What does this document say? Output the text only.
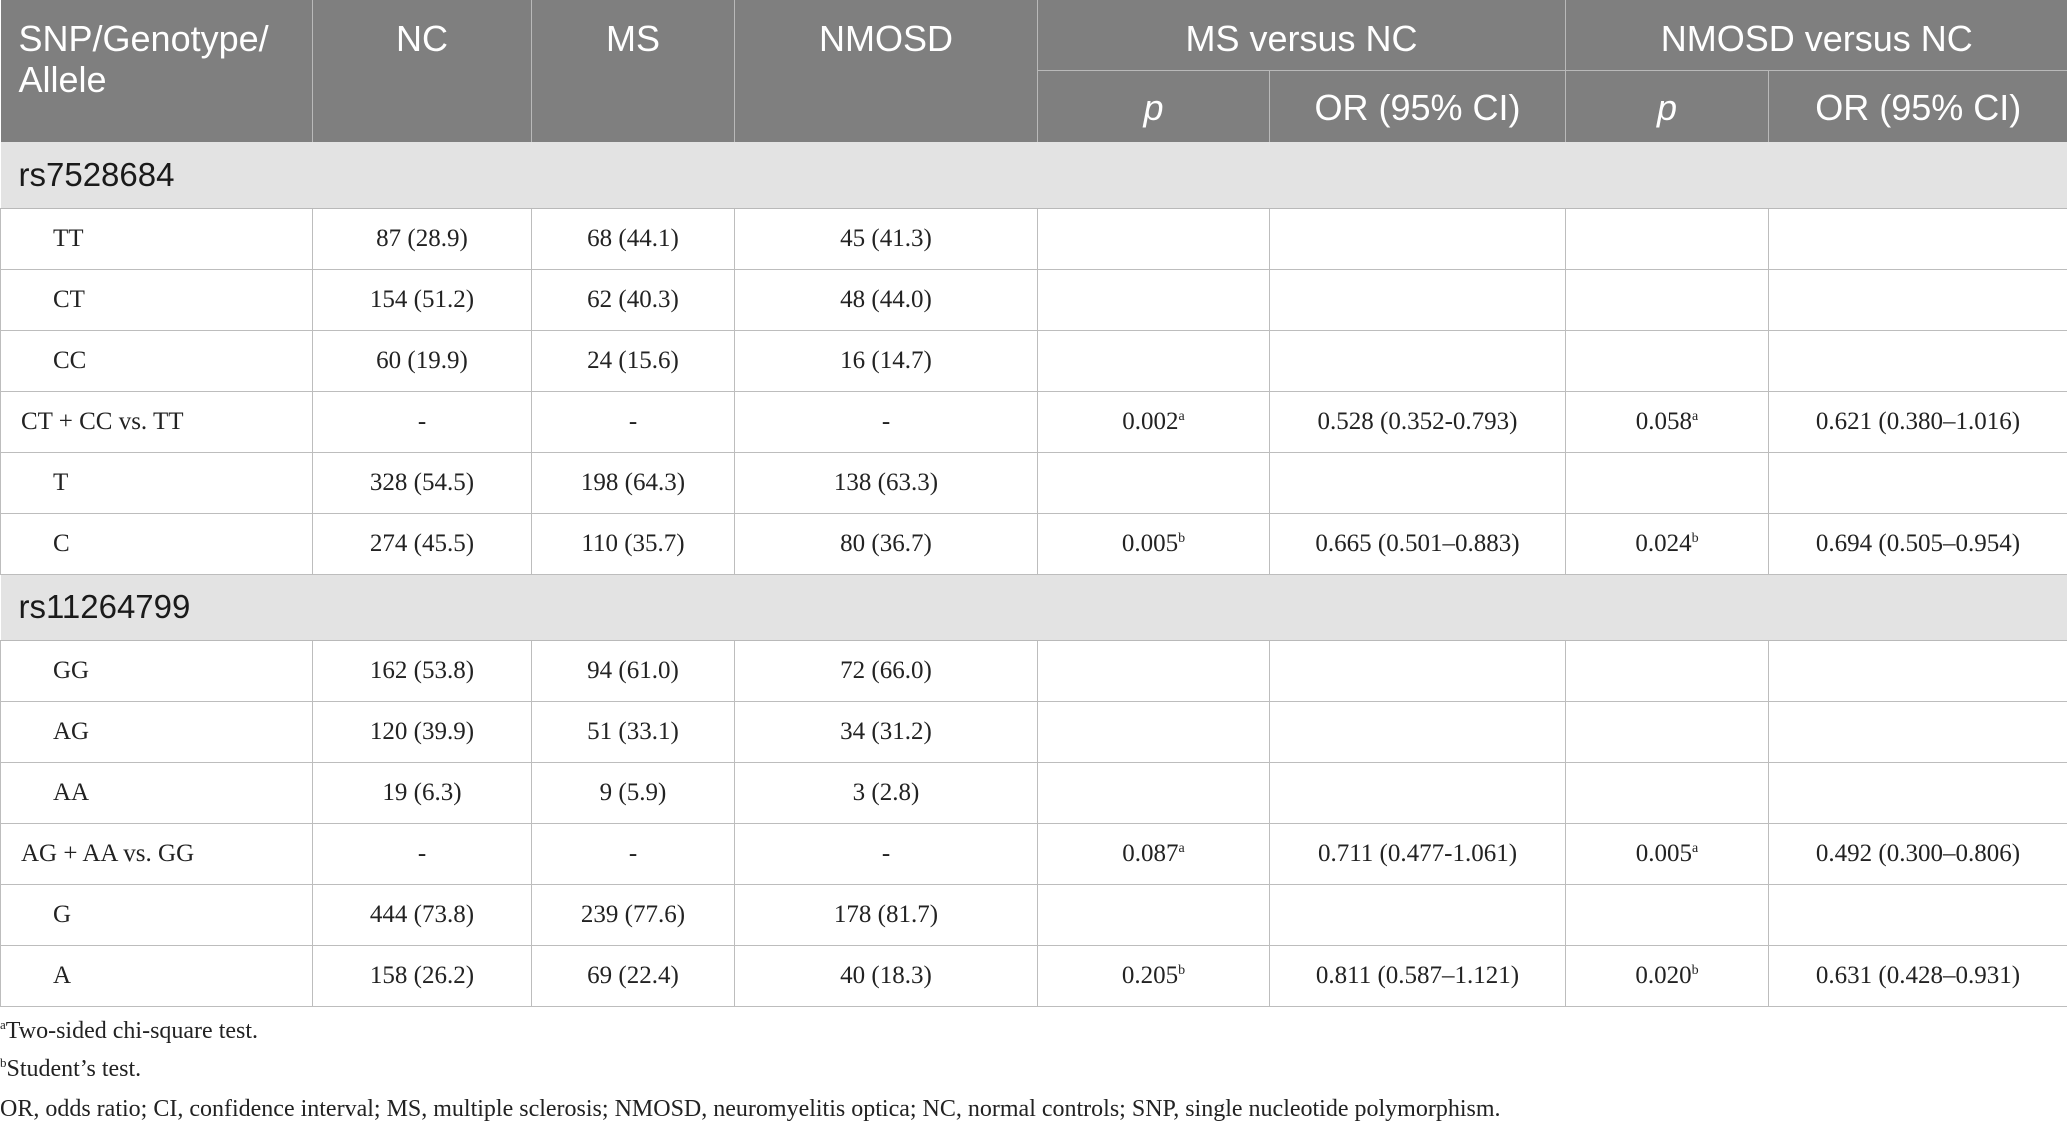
SNP/Genotype/ Allele	NC	MS	NMOSD	MS versus NC		NMOSD versus NC	
				p	OR (95% CI)	p	OR (95% CI)
rs7528684							
TT	87 (28.9)	68 (44.1)	45 (41.3)				
CT	154 (51.2)	62 (40.3)	48 (44.0)				
CC	60 (19.9)	24 (15.6)	16 (14.7)				
CT + CC vs. TT	-	-	-	0.002$^a$	0.528 (0.352-0.793)	0.058$^a$	0.621 (0.380–1.016)
T	328 (54.5)	198 (64.3)	138 (63.3)				
C	274 (45.5)	110 (35.7)	80 (36.7)	0.005$^b$	0.665 (0.501–0.883)	0.024$^b$	0.694 (0.505–0.954)
rs11264799							
GG	162 (53.8)	94 (61.0)	72 (66.0)				
AG	120 (39.9)	51 (33.1)	34 (31.2)				
AA	19 (6.3)	9 (5.9)	3 (2.8)				
AG + AA vs. GG	-	-	-	0.087$^a$	0.711 (0.477-1.061)	0.005$^a$	0.492 (0.300–0.806)
G	444 (73.8)	239 (77.6)	178 (81.7)				
A	158 (26.2)	69 (22.4)	40 (18.3)	0.205$^b$	0.811 (0.587–1.121)	0.020$^b$	0.631 (0.428–0.931)
$^a$Two-sided chi-square test.
$^b$Student’s test.
OR, odds ratio; CI, confidence interval; MS, multiple sclerosis; NMOSD, neuromyelitis optica; NC, normal controls; SNP, single nucleotide polymorphism.
